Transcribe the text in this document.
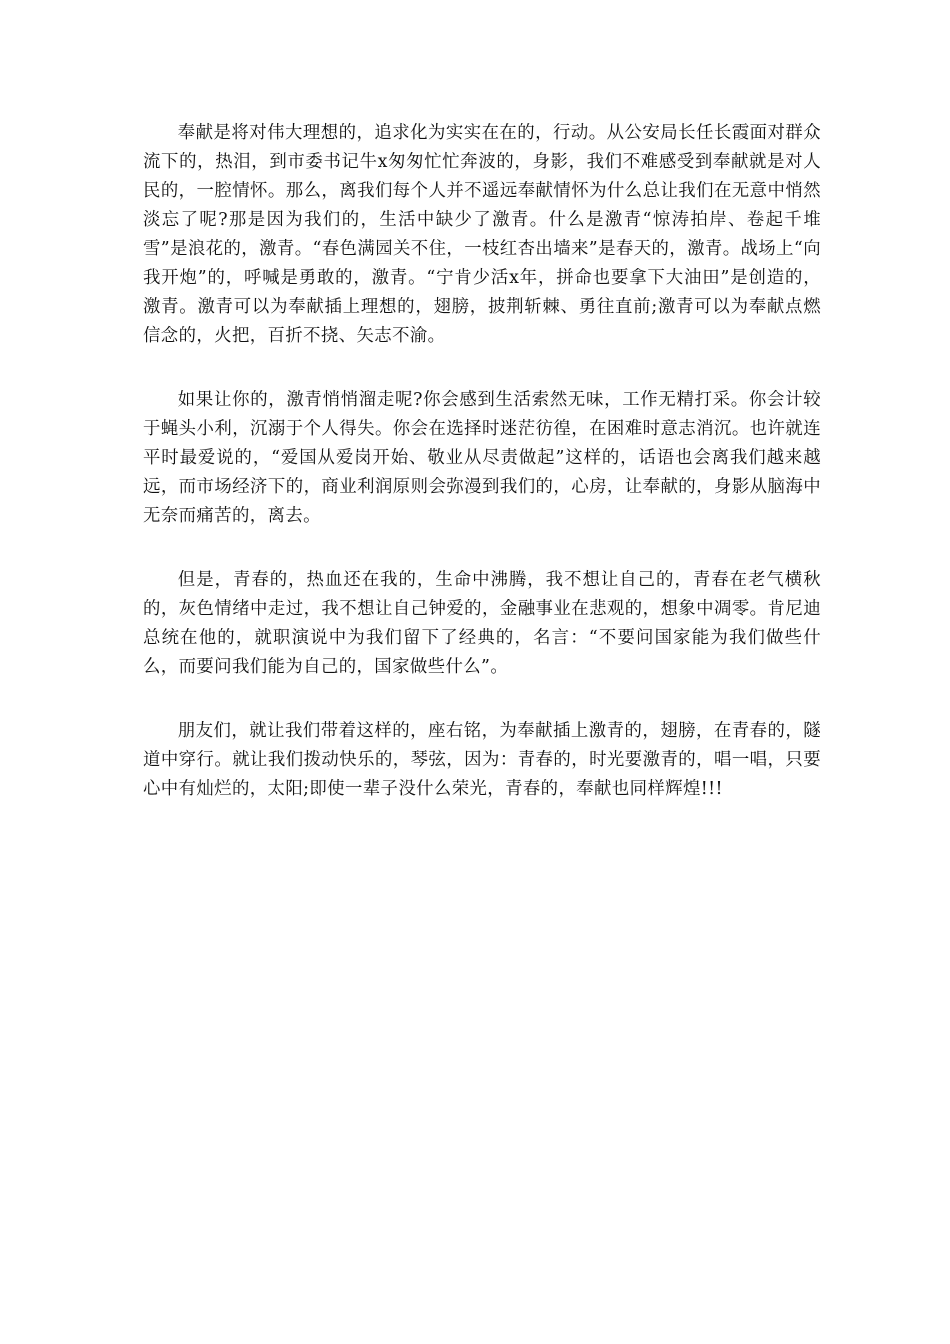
奉献是将对伟大理想的，追求化为实实在在的，行动。从公安局长任长霞面对群众流下的，热泪，到市委书记牛x匆匆忙忙奔波的，身影，我们不难感受到奉献就是对人民的，一腔情怀。那么，离我们每个人并不遥远奉献情怀为什么总让我们在无意中悄然淡忘了呢?那是因为我们的，生活中缺少了激青。什么是激青“惊涛拍岸、卷起千堆雪”是浪花的，激青。“春色满园关不住，一枝红杏出墙来”是春天的，激青。战场上“向我开炮”的，呼喊是勇敢的，激青。“宁肯少活x年，拼命也要拿下大油田”是创造的，激青。激青可以为奉献插上理想的，翅膀，披荆斩棘、勇往直前;激青可以为奉献点燃信念的，火把，百折不挠、矢志不渝。

如果让你的，激青悄悄溜走呢?你会感到生活索然无味，工作无精打采。你会计较于蝇头小利，沉溺于个人得失。你会在选择时迷茫彷徨，在困难时意志消沉。也许就连平时最爱说的，“爱国从爱岗开始、敬业从尽责做起”这样的，话语也会离我们越来越远，而市场经济下的，商业利润原则会弥漫到我们的，心房，让奉献的，身影从脑海中无奈而痛苦的，离去。

但是，青春的，热血还在我的，生命中沸腾，我不想让自己的，青春在老气横秋的，灰色情绪中走过，我不想让自己钟爱的，金融事业在悲观的，想象中凋零。肯尼迪总统在他的，就职演说中为我们留下了经典的，名言：“不要问国家能为我们做些什么，而要问我们能为自己的，国家做些什么”。

朋友们，就让我们带着这样的，座右铭，为奉献插上激青的，翅膀，在青春的，隧道中穿行。就让我们拨动快乐的，琴弦，因为：青春的，时光要激青的，唱一唱，只要心中有灿烂的，太阳;即使一辈子没什么荣光，青春的，奉献也同样辉煌!!!
